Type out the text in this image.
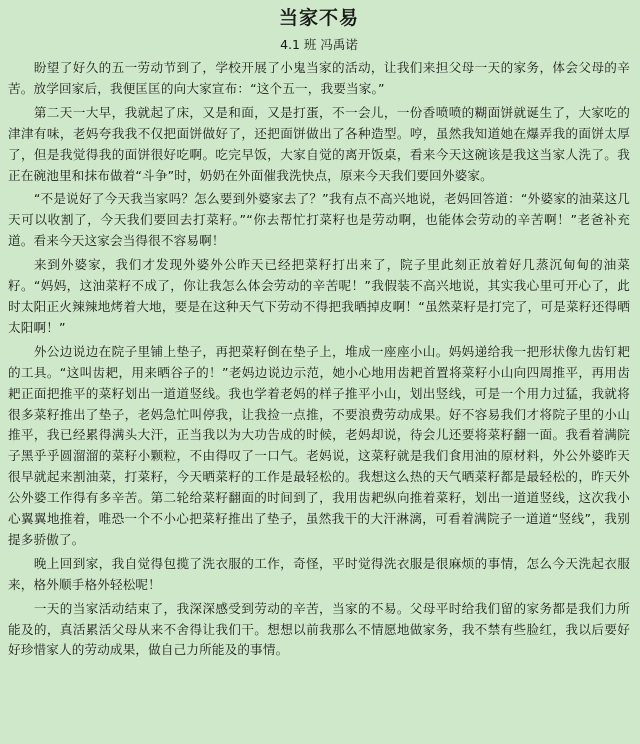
当家不易
4.1 班 冯禹诺
盼望了好久的五一劳动节到了，学校开展了小鬼当家的活动，让我们来担父母一天的家务，体会父母的辛苦。放学回家后，我便匡匡的向大家宣布：“这个五一，我要当家。”
第二天一大早，我就起了床，又是和面，又是打蛋，不一会儿，一份香喷喷的糊面饼就诞生了，大家吃的津津有味，老妈夸我我不仅把面饼做好了，还把面饼做出了各种造型。哼，虽然我知道她在爆弄我的面饼太厚了，但是我觉得我的面饼很好吃啊。吃完早饭，大家自觉的离开饭桌，看来今天这碗该是我这当家人洗了。我正在碗池里和抹布做着“斗争”时，奶奶在外面催我洗快点，原来今天我们要回外婆家。
“不是说好了今天我当家吗？怎么要到外婆家去了？”我有点不高兴地说，老妈回答道：“外婆家的油菜这几天可以收割了，今天我们要回去打菜籽。”“你去帮忙打菜籽也是劳动啊，也能体会劳动的辛苦啊！”老爸补充道。看来今天这家会当得很不容易啊！
来到外婆家，我们才发现外婆外公昨天已经把菜籽打出来了，院子里此刻正放着好几蒸沉甸甸的油菜籽。“妈妈，这油菜籽不成了，你让我怎么体会劳动的辛苦呢！”我假装不高兴地说，其实我心里可开心了，此时太阳正火辣辣地烤着大地，要是在这种天气下劳动不得把我晒掉皮啊！“虽然菜籽是打完了，可是菜籽还得晒太阳啊！”
外公边说边在院子里铺上垫子，再把菜籽倒在垫子上，堆成一座座小山。妈妈递给我一把形状像九齿钉耙的工具。“这叫齿耙，用来晒谷子的！”老妈边说边示范，她小心地用齿耙首置将菜籽小山向四周推平，再用齿耙正面把推平的菜籽划出一道道竖线。我也学着老妈的样子推平小山，划出竖线，可是一个用力过猛，我就将很多菜籽推出了垫子，老妈急忙叫停我，让我捡一点推，不要浪费劳动成果。好不容易我们才将院子里的小山推平，我已经累得满头大汗，正当我以为大功告成的时候，老妈却说，待会儿还要将菜籽翻一面。我看着满院子黑乎乎圆溜溜的菜籽小颗粒，不由得叹了一口气。老妈说，这菜籽就是我们食用油的原材料，外公外婆昨天很早就起来割油菜，打菜籽，今天晒菜籽的工作是最轻松的。我想这么热的天气晒菜籽都是最轻松的，昨天外公外婆工作得有多辛苦。第二轮给菜籽翻面的时间到了，我用齿耙纵向推着菜籽，划出一道道竖线，这次我小心翼翼地推着，唯恐一个不小心把菜籽推出了垫子，虽然我干的大汗淋漓，可看着满院子一道道“竖线”，我别提多骄傲了。
晚上回到家，我自觉得包揽了洗衣服的工作，奇怪，平时觉得洗衣服是很麻烦的事情，怎么今天洗起衣服来，格外顺手格外轻松呢！
一天的当家活动结束了，我深深感受到劳动的辛苦，当家的不易。父母平时给我们留的家务都是我们力所能及的，真活累活父母从来不舍得让我们干。想想以前我那么不情愿地做家务，我不禁有些脸红，我以后要好好珍惜家人的劳动成果，做自己力所能及的事情。
